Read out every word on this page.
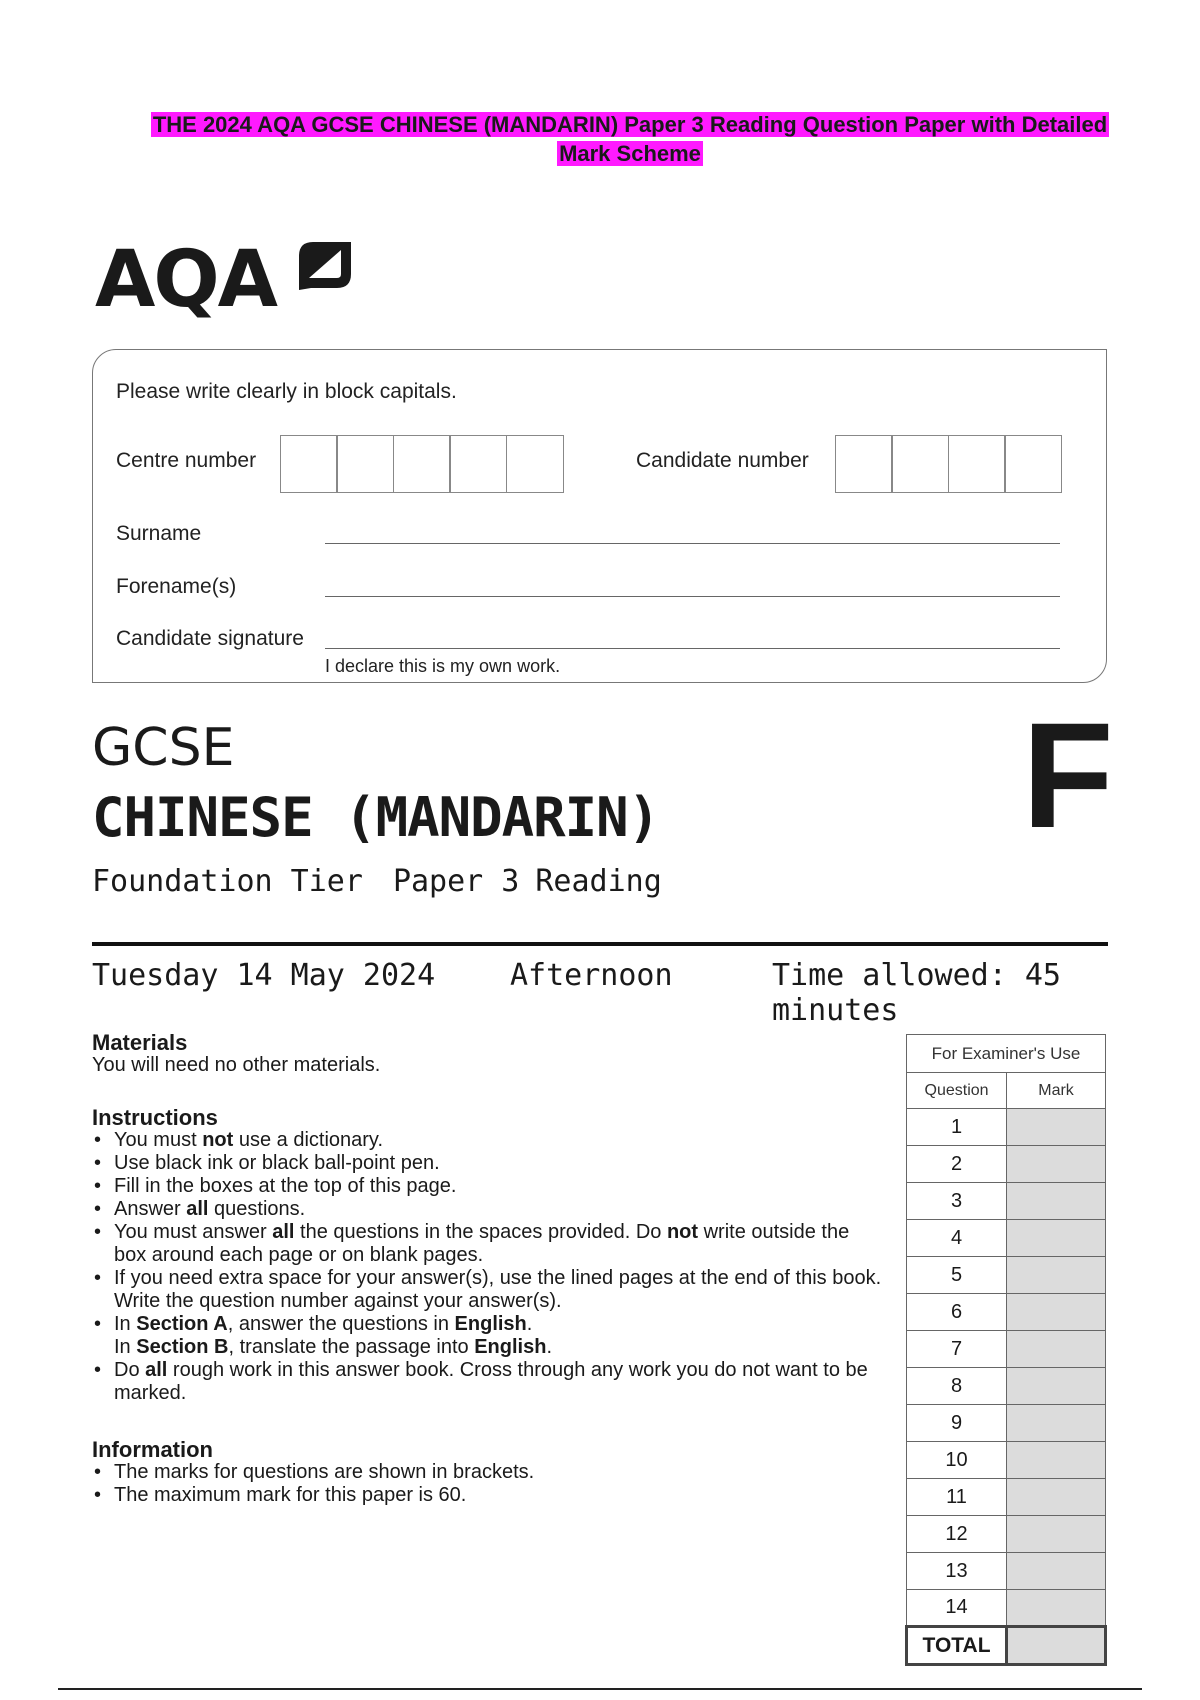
THE 2024 AQA GCSE CHINESE (MANDARIN) Paper 3 Reading Question Paper with Detailed
Mark Scheme
AQA
Please write clearly in block capitals.
Centre number	Candidate number
Surname
Forename(s)
Candidate signature
I declare this is my own work.
GCSE
CHINESE (MANDARIN)
Foundation Tier Paper 3 Reading
F
Tuesday 14 May 2024 Afternoon	Time allowed: 45 minutes
Materials
You will need no other materials.
Instructions
• You must not use a dictionary.
• Use black ink or black ball-point pen.
• Fill in the boxes at the top of this page.
• Answer all questions.
• You must answer all the questions in the spaces provided. Do not write outside the box around each page or on blank pages.
• If you need extra space for your answer(s), use the lined pages at the end of this book. Write the question number against your answer(s).
• In Section A, answer the questions in English.
In Section B, translate the passage into English.
• Do all rough work in this answer book. Cross through any work you do not want to be marked.
Information
• The marks for questions are shown in brackets.
• The maximum mark for this paper is 60.
For Examiner's Use	
Question	Mark
1	
2	
3	
4	
5	
6	
7	
8	
9	
10	
11	
12	
13	
14	
TOTAL	
